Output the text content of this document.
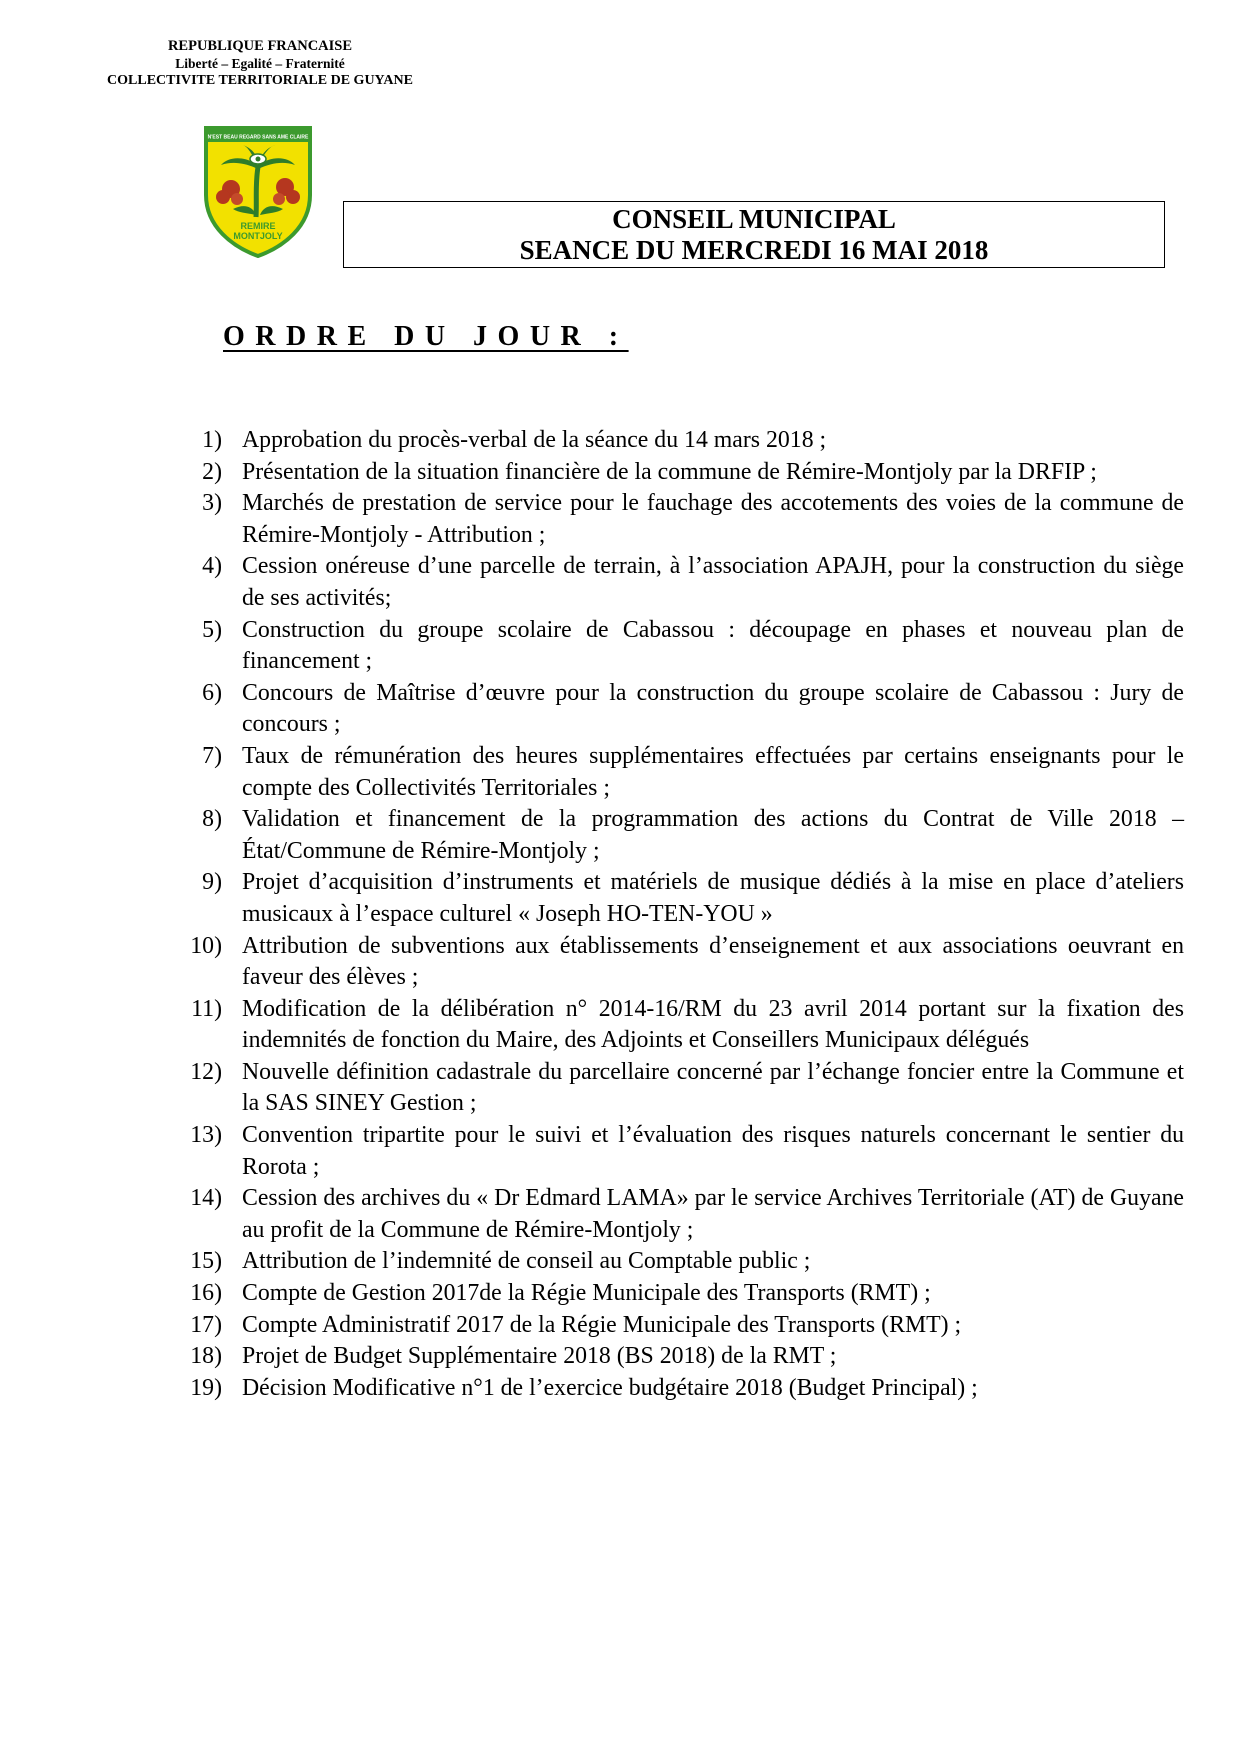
REPUBLIQUE FRANCAISE
Liberté – Egalité – Fraternité
COLLECTIVITE TERRITORIALE DE GUYANE
N'EST BEAU REGARD SANS AME CLAIRE
REMIRE
MONTJOLY
CONSEIL MUNICIPAL
SEANCE DU MERCREDI 16 MAI 2018
ORDRE DU JOUR :
1) Approbation du procès-verbal de la séance du 14 mars 2018 ;
2) Présentation de la situation financière de la commune de Rémire-Montjoly par la DRFIP ;
3) Marchés de prestation de service pour le fauchage des accotements des voies de la commune de Rémire-Montjoly - Attribution ;
4) Cession onéreuse d’une parcelle de terrain, à l’association APAJH, pour la construction du siège de ses activités;
5) Construction du groupe scolaire de Cabassou : découpage en phases et nouveau plan de financement ;
6) Concours de Maîtrise d’œuvre pour la construction du groupe scolaire de Cabassou : Jury de concours ;
7) Taux de rémunération des heures supplémentaires effectuées par certains enseignants pour le compte des Collectivités Territoriales ;
8) Validation et financement de la programmation des actions du Contrat de Ville 2018 – État/Commune de Rémire-Montjoly ;
9) Projet d’acquisition d’instruments et matériels de musique dédiés à la mise en place d’ateliers musicaux à l’espace culturel « Joseph HO-TEN-YOU »
10) Attribution de subventions aux établissements d’enseignement et aux associations oeuvrant en faveur des élèves ;
11) Modification de la délibération n° 2014-16/RM du 23 avril 2014 portant sur la fixation des indemnités de fonction du Maire, des Adjoints et Conseillers Municipaux délégués
12) Nouvelle définition cadastrale du parcellaire concerné par l’échange foncier entre la Commune et la SAS SINEY Gestion ;
13) Convention tripartite pour le suivi et l’évaluation des risques naturels concernant le sentier du Rorota ;
14) Cession des archives du « Dr Edmard LAMA» par le service Archives Territoriale (AT) de Guyane au profit de la Commune de Rémire-Montjoly ;
15) Attribution de l’indemnité de conseil au Comptable public ;
16) Compte de Gestion 2017de la Régie Municipale des Transports (RMT) ;
17) Compte Administratif 2017 de la Régie Municipale des Transports (RMT) ;
18) Projet de Budget Supplémentaire 2018 (BS 2018) de la RMT ;
19) Décision Modificative n°1 de l’exercice budgétaire 2018 (Budget Principal) ;
